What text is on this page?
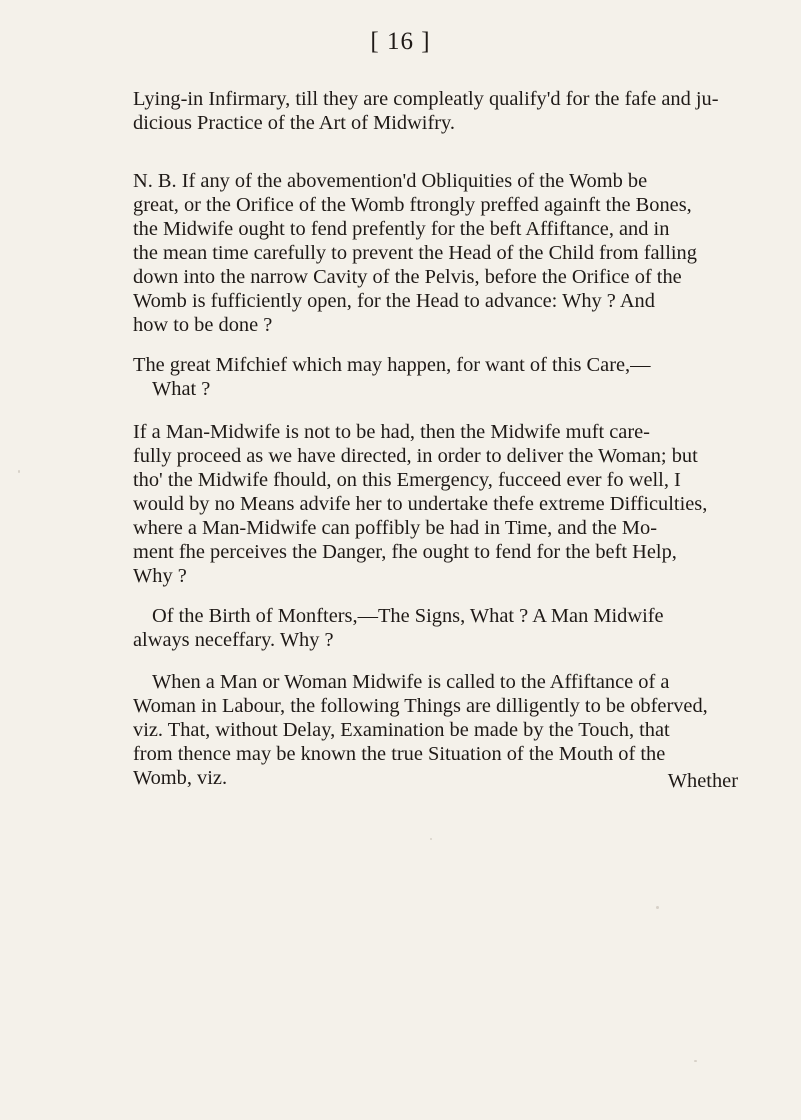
[ 16 ]
Lying-in Infirmary, till they are compleatly qualify'd for the fafe and ju-
dicious Practice of the Art of Midwifry.
N. B. If any of the abovemention'd Obliquities of the Womb be
great, or the Orifice of the Womb ftrongly preffed againft the Bones,
the Midwife ought to fend prefently for the beft Affiftance, and in
the mean time carefully to prevent the Head of the Child from falling
down into the narrow Cavity of the Pelvis, before the Orifice of the
Womb is fufficiently open, for the Head to advance: Why ? And
how to be done ?
The great Mifchief which may happen, for want of this Care,—
What ?
If a Man-Midwife is not to be had, then the Midwife muft care-
fully proceed as we have directed, in order to deliver the Woman; but
tho' the Midwife fhould, on this Emergency, fucceed ever fo well, I
would by no Means advife her to undertake thefe extreme Difficulties,
where a Man-Midwife can poffibly be had in Time, and the Mo-
ment fhe perceives the Danger, fhe ought to fend for the beft Help,
Why ?
Of the Birth of Monfters,—The Signs, What ? A Man Midwife
always neceffary. Why ?
When a Man or Woman Midwife is called to the Affiftance of a
Woman in Labour, the following Things are dilligently to be obferved,
viz. That, without Delay, Examination be made by the Touch, that
from thence may be known the true Situation of the Mouth of the
Womb, viz.	Whether
